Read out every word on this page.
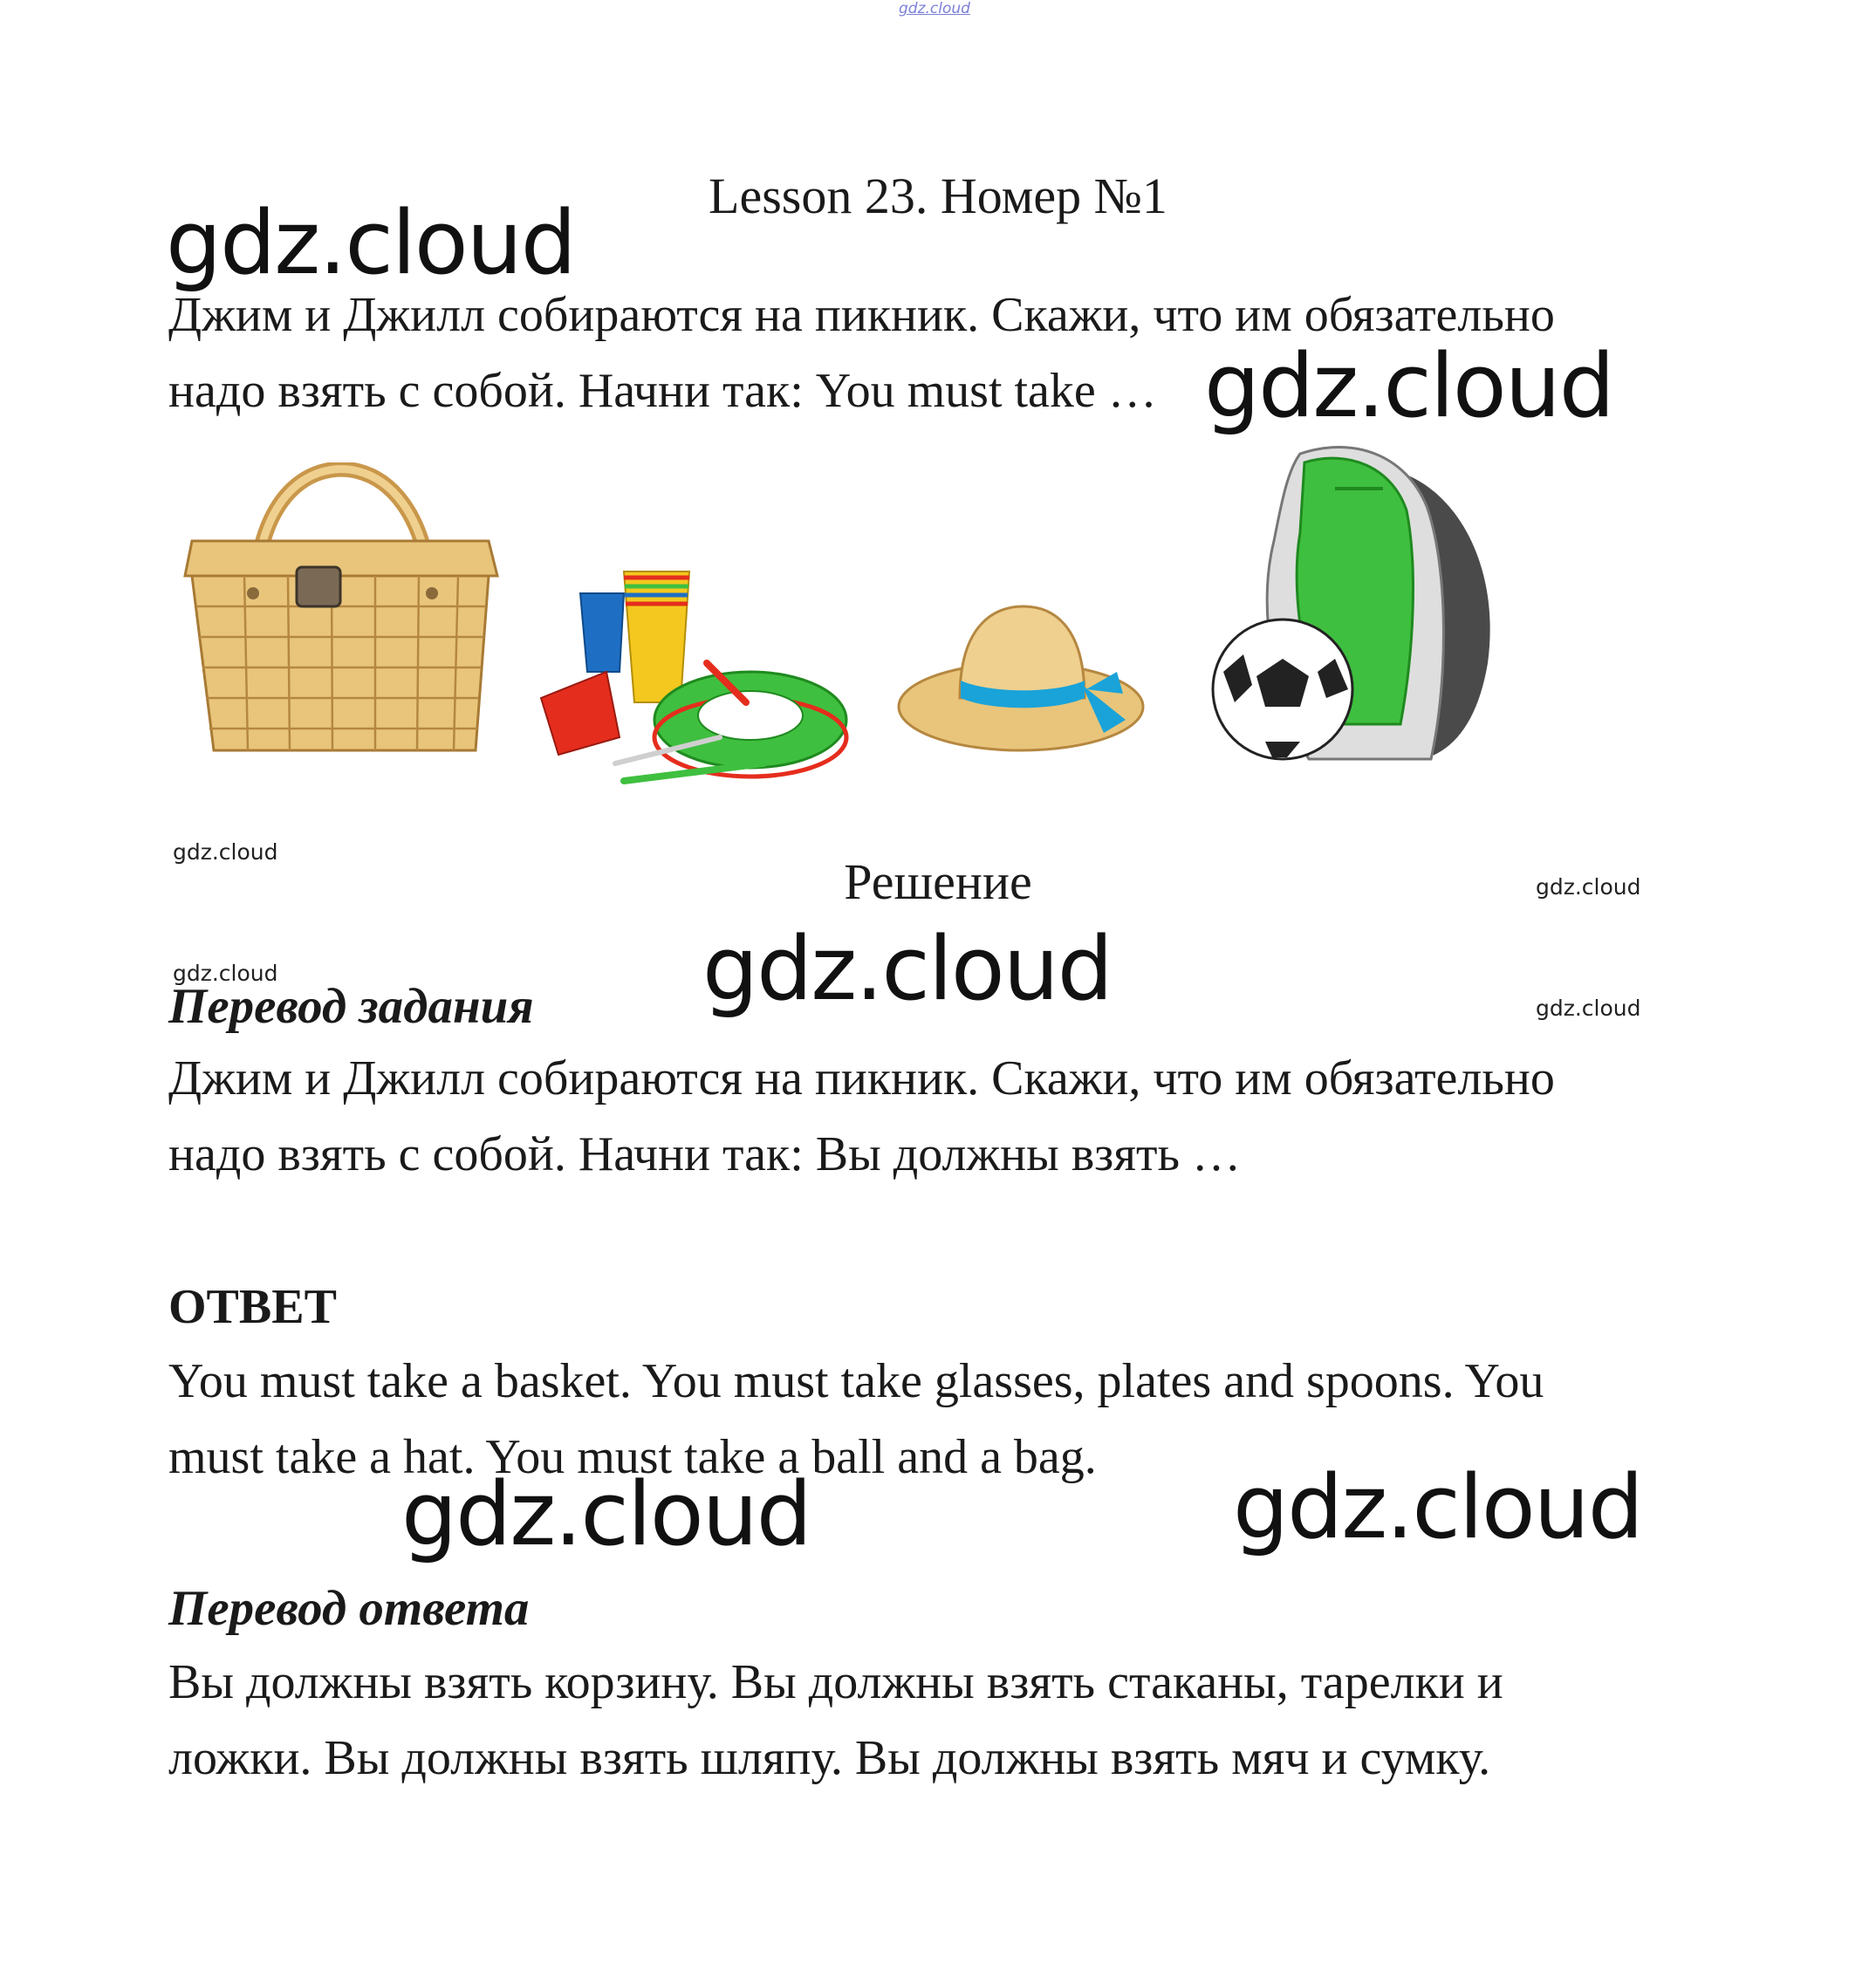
gdz.cloud
Lesson 23. Номер №1
gdz.cloud
gdz.cloud
gdz.cloud
gdz.cloud	gdz.cloud
gdz.cloud
gdz.cloud
gdz.cloud
gdz.cloud
Джим и Джилл собираются на пикник. Скажи, что им обязательно
надо взять с собой. Начни так: You must take …
Решение
Перевод задания
Джим и Джилл собираются на пикник. Скажи, что им обязательно
надо взять с собой. Начни так: Вы должны взять …
ОТВЕТ
You must take a basket. You must take glasses, plates and spoons. You
must take a hat. You must take a ball and a bag.
Перевод ответа
Вы должны взять корзину. Вы должны взять стаканы, тарелки и
ложки. Вы должны взять шляпу. Вы должны взять мяч и сумку.
